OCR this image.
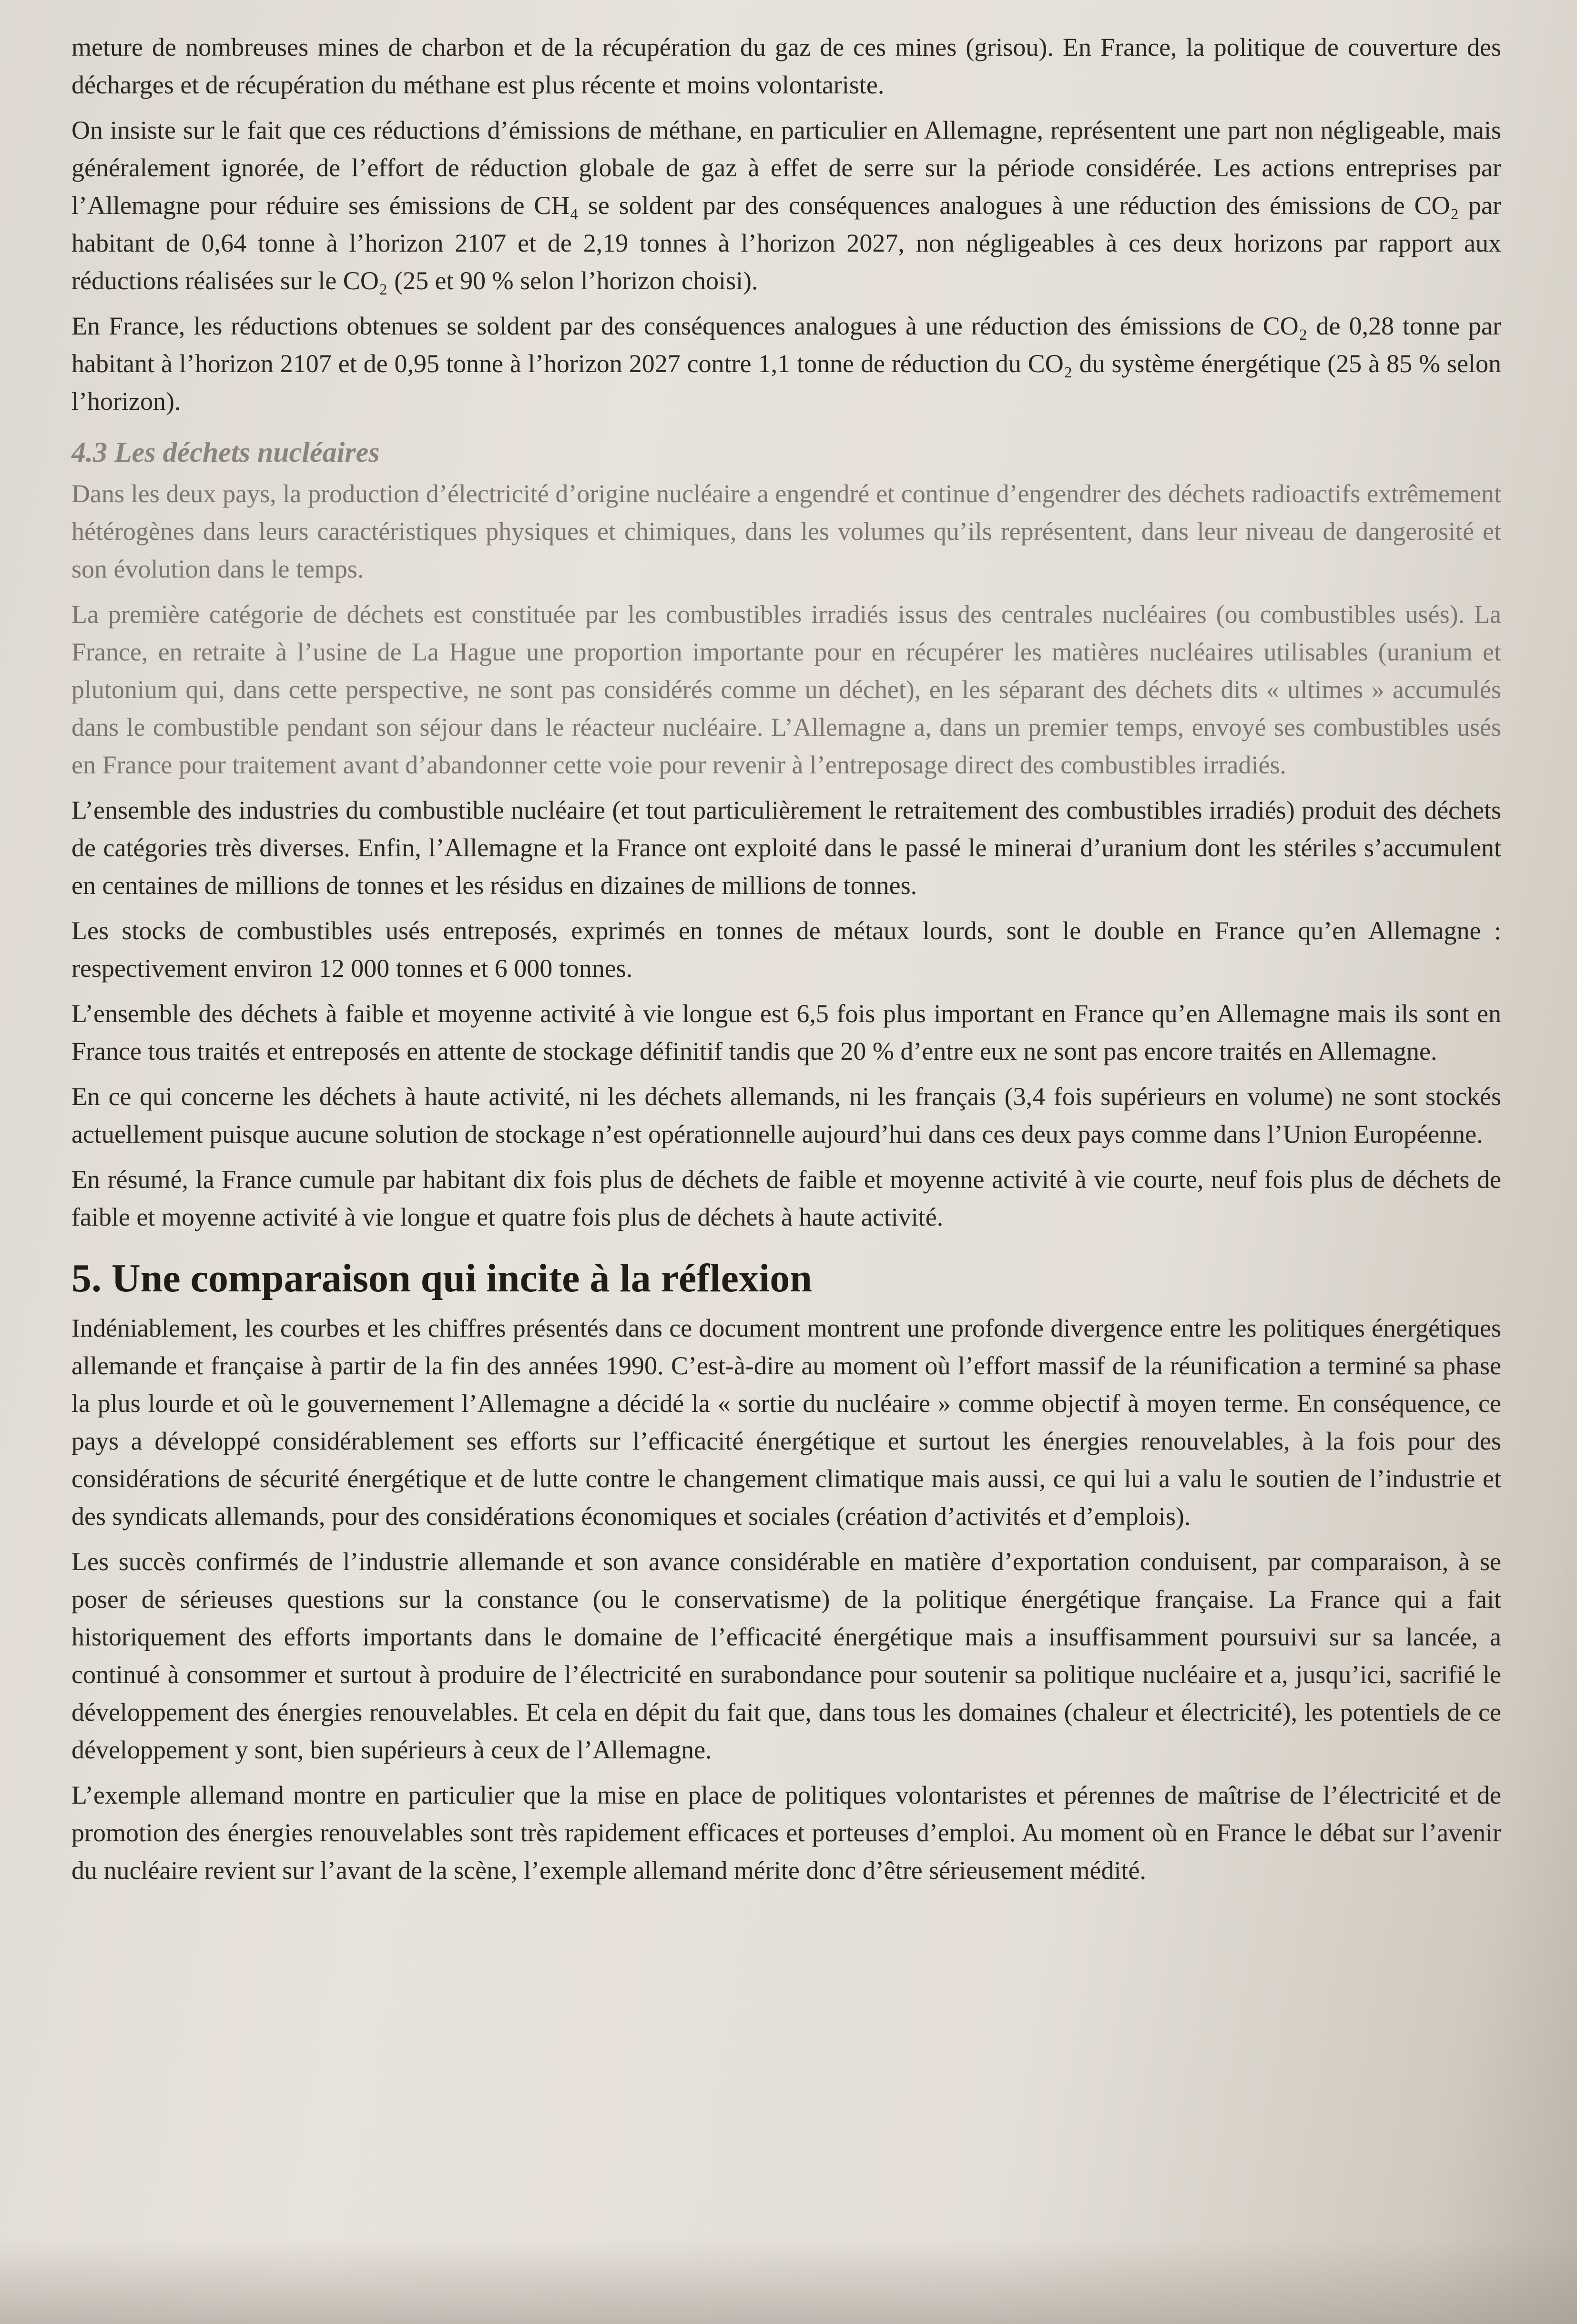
meture de nombreuses mines de charbon et de la récupération du gaz de ces mines (grisou). En France, la politique de couverture des décharges et de récupération du méthane est plus récente et moins volontariste.

On insiste sur le fait que ces réductions d’émissions de méthane, en particulier en Allemagne, représentent une part non négligeable, mais généralement ignorée, de l’effort de réduction globale de gaz à effet de serre sur la période considérée. Les actions entreprises par l’Allemagne pour réduire ses émissions de CH₄ se soldent par des conséquences analogues à une réduction des émissions de CO₂ par habitant de 0,64 tonne à l’horizon 2107 et de 2,19 tonnes à l’horizon 2027, non négligeables à ces deux horizons par rapport aux réductions réalisées sur le CO₂ (25 et 90 % selon l’horizon choisi).

En France, les réductions obtenues se soldent par des conséquences analogues à une réduction des émissions de CO₂ de 0,28 tonne par habitant à l’horizon 2107 et de 0,95 tonne à l’horizon 2027 contre 1,1 tonne de réduction du CO₂ du système énergétique (25 à 85 % selon l’horizon).

4.3 Les déchets nucléaires

Dans les deux pays, la production d’électricité d’origine nucléaire a engendré et continue d’engendrer des déchets radioactifs extrêmement hétérogènes dans leurs caractéristiques physiques et chimiques, dans les volumes qu’ils représentent, dans leur niveau de dangerosité et son évolution dans le temps.

La première catégorie de déchets est constituée par les combustibles irradiés issus des centrales nucléaires (ou combustibles usés). La France, en retraite à l’usine de La Hague une proportion importante pour en récupérer les matières nucléaires utilisables (uranium et plutonium qui, dans cette perspective, ne sont pas considérés comme un déchet), en les séparant des déchets dits « ultimes » accumulés dans le combustible pendant son séjour dans le réacteur nucléaire. L’Allemagne a, dans un premier temps, envoyé ses combustibles usés en France pour traitement avant d’abandonner cette voie pour revenir à l’entreposage direct des combustibles irradiés.

L’ensemble des industries du combustible nucléaire (et tout particulièrement le retraitement des combustibles irradiés) produit des déchets de catégories très diverses. Enfin, l’Allemagne et la France ont exploité dans le passé le minerai d’uranium dont les stériles s’accumulent en centaines de millions de tonnes et les résidus en dizaines de millions de tonnes.

Les stocks de combustibles usés entreposés, exprimés en tonnes de métaux lourds, sont le double en France qu’en Allemagne : respectivement environ 12 000 tonnes et 6 000 tonnes.

L’ensemble des déchets à faible et moyenne activité à vie longue est 6,5 fois plus important en France qu’en Allemagne mais ils sont en France tous traités et entreposés en attente de stockage définitif tandis que 20 % d’entre eux ne sont pas encore traités en Allemagne.

En ce qui concerne les déchets à haute activité, ni les déchets allemands, ni les français (3,4 fois supérieurs en volume) ne sont stockés actuellement puisque aucune solution de stockage n’est opérationnelle aujourd’hui dans ces deux pays comme dans l’Union Européenne.

En résumé, la France cumule par habitant dix fois plus de déchets de faible et moyenne activité à vie courte, neuf fois plus de déchets de faible et moyenne activité à vie longue et quatre fois plus de déchets à haute activité.

5. Une comparaison qui incite à la réflexion

Indéniablement, les courbes et les chiffres présentés dans ce document montrent une profonde divergence entre les politiques énergétiques allemande et française à partir de la fin des années 1990. C’est-à-dire au moment où l’effort massif de la réunification a terminé sa phase la plus lourde et où le gouvernement l’Allemagne a décidé la « sortie du nucléaire » comme objectif à moyen terme. En conséquence, ce pays a développé considérablement ses efforts sur l’efficacité énergétique et surtout les énergies renouvelables, à la fois pour des considérations de sécurité énergétique et de lutte contre le changement climatique mais aussi, ce qui lui a valu le soutien de l’industrie et des syndicats allemands, pour des considérations économiques et sociales (création d’activités et d’emplois).

Les succès confirmés de l’industrie allemande et son avance considérable en matière d’exportation conduisent, par comparaison, à se poser de sérieuses questions sur la constance (ou le conservatisme) de la politique énergétique française. La France qui a fait historiquement des efforts importants dans le domaine de l’efficacité énergétique mais a insuffisamment poursuivi sur sa lancée, a continué à consommer et surtout à produire de l’électricité en surabondance pour soutenir sa politique nucléaire et a, jusqu’ici, sacrifié le développement des énergies renouvelables. Et cela en dépit du fait que, dans tous les domaines (chaleur et électricité), les potentiels de ce développement y sont, bien supérieurs à ceux de l’Allemagne.

L’exemple allemand montre en particulier que la mise en place de politiques volontaristes et pérennes de maîtrise de l’électricité et de promotion des énergies renouvelables sont très rapidement efficaces et porteuses d’emploi. Au moment où en France le débat sur l’avenir du nucléaire revient sur l’avant de la scène, l’exemple allemand mérite donc d’être sérieusement médité.
